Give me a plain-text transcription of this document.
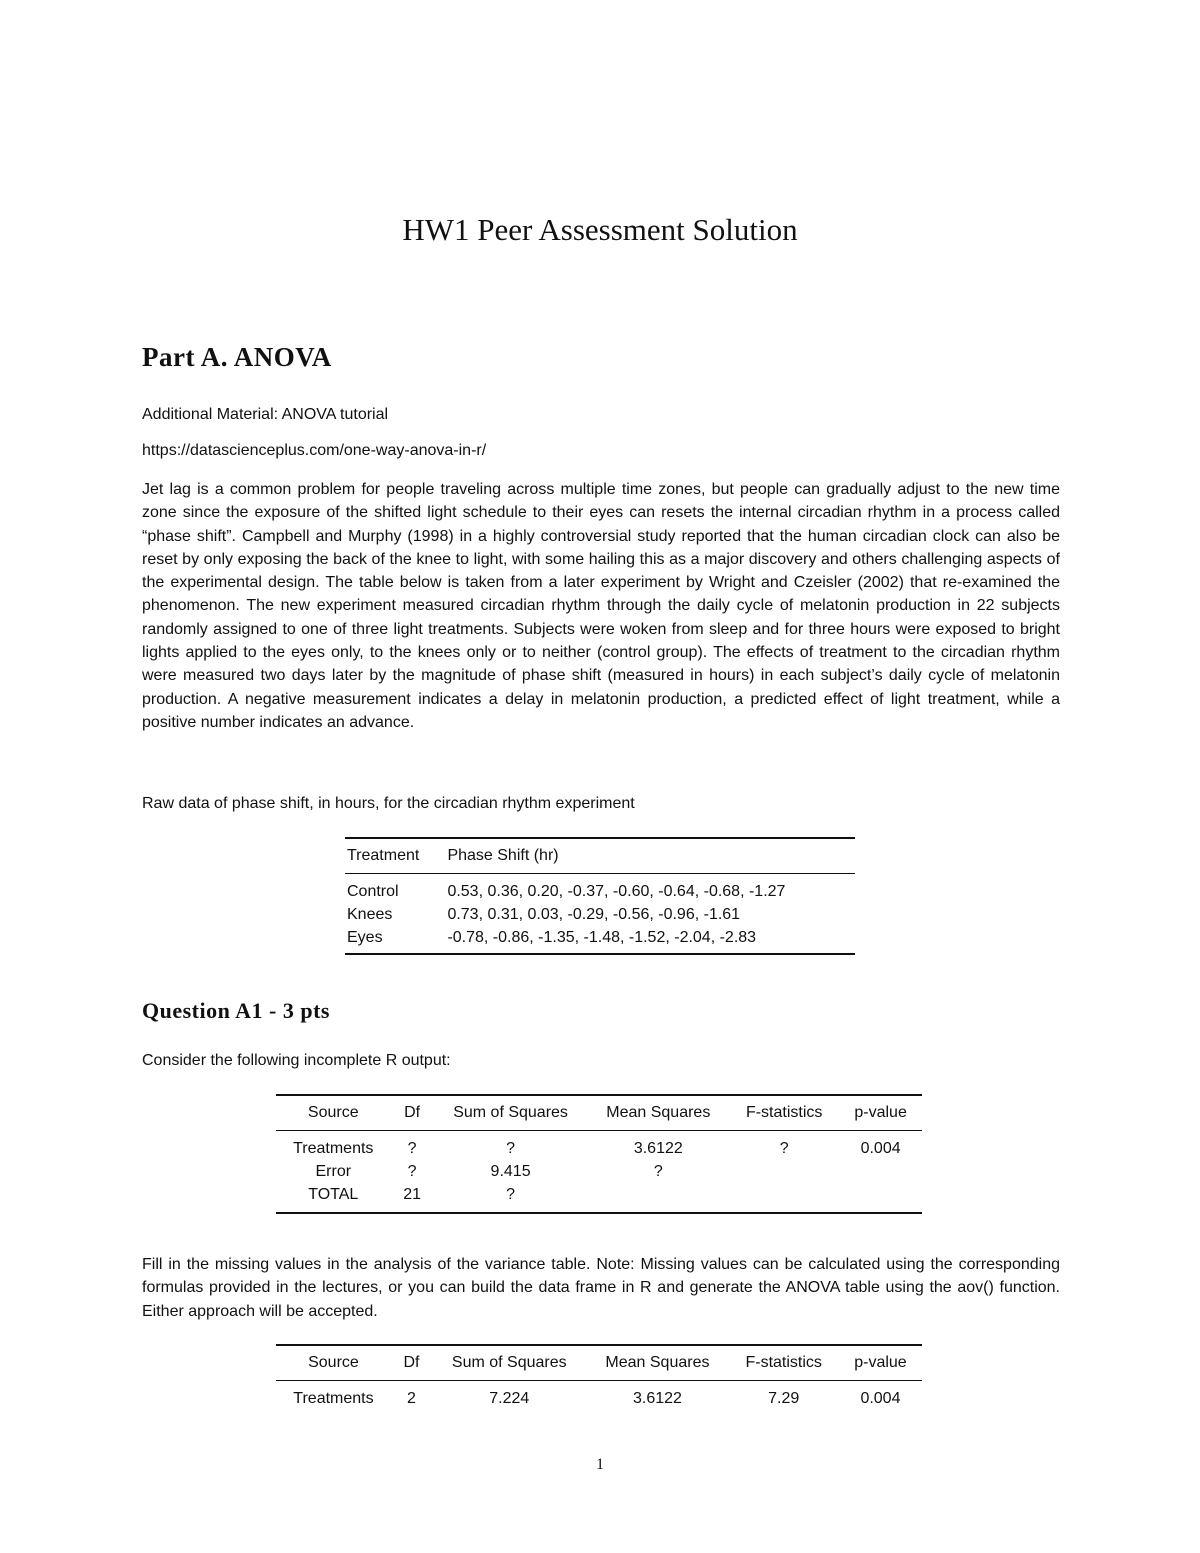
HW1 Peer Assessment Solution
Part A. ANOVA
Additional Material: ANOVA tutorial
https://datascienceplus.com/one-way-anova-in-r/
Jet lag is a common problem for people traveling across multiple time zones, but people can gradually adjust to the new time zone since the exposure of the shifted light schedule to their eyes can resets the internal circadian rhythm in a process called “phase shift”. Campbell and Murphy (1998) in a highly controversial study reported that the human circadian clock can also be reset by only exposing the back of the knee to light, with some hailing this as a major discovery and others challenging aspects of the experimental design. The table below is taken from a later experiment by Wright and Czeisler (2002) that re-examined the phenomenon. The new experiment measured circadian rhythm through the daily cycle of melatonin production in 22 subjects randomly assigned to one of three light treatments. Subjects were woken from sleep and for three hours were exposed to bright lights applied to the eyes only, to the knees only or to neither (control group). The effects of treatment to the circadian rhythm were measured two days later by the magnitude of phase shift (measured in hours) in each subject’s daily cycle of melatonin production. A negative measurement indicates a delay in melatonin production, a predicted effect of light treatment, while a positive number indicates an advance.
Raw data of phase shift, in hours, for the circadian rhythm experiment
Treatment	Phase Shift (hr)
Control	0.53, 0.36, 0.20, -0.37, -0.60, -0.64, -0.68, -1.27
Knees	0.73, 0.31, 0.03, -0.29, -0.56, -0.96, -1.61
Eyes	-0.78, -0.86, -1.35, -1.48, -1.52, -2.04, -2.83
Question A1 - 3 pts
Consider the following incomplete R output:
Source	Df	Sum of Squares	Mean Squares	F-statistics	p-value
Treatments	?	?	3.6122	?	0.004
Error	?	9.415	?		
TOTAL	21	?			
Fill in the missing values in the analysis of the variance table. Note: Missing values can be calculated using the corresponding formulas provided in the lectures, or you can build the data frame in R and generate the ANOVA table using the aov() function. Either approach will be accepted.
Source	Df	Sum of Squares	Mean Squares	F-statistics	p-value
Treatments	2	7.224	3.6122	7.29	0.004
1
